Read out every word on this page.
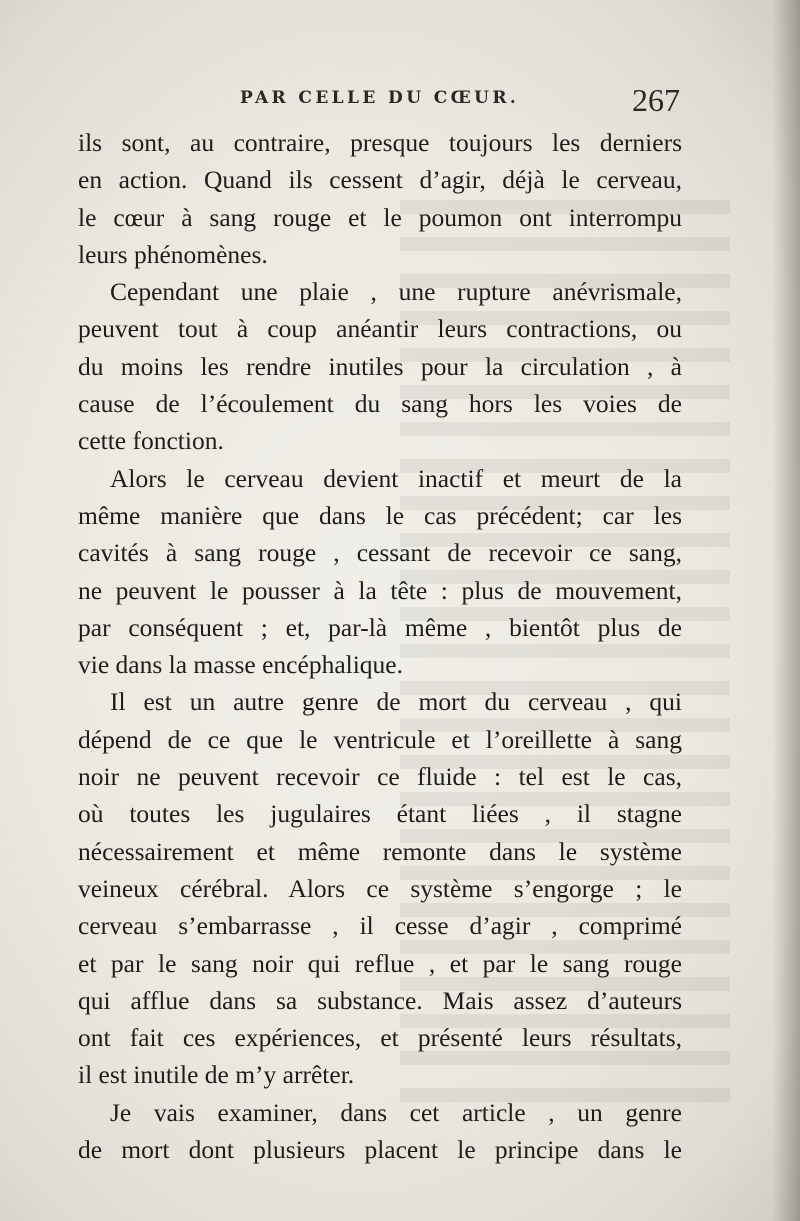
PAR CELLE DU CŒUR.	267

ils sont, au contraire, presque toujours les derniers
en action. Quand ils cessent d’agir, déjà le cerveau,
le cœur à sang rouge et le poumon ont interrompu
leurs phénomènes.

Cependant une plaie , une rupture anévrismale,
peuvent tout à coup anéantir leurs contractions, ou
du moins les rendre inutiles pour la circulation , à
cause de l’écoulement du sang hors les voies de
cette fonction.

Alors le cerveau devient inactif et meurt de la
même manière que dans le cas précédent; car les
cavités à sang rouge , cessant de recevoir ce sang,
ne peuvent le pousser à la tête : plus de mouvement,
par conséquent ; et, par-là même , bientôt plus de
vie dans la masse encéphalique.

Il est un autre genre de mort du cerveau , qui
dépend de ce que le ventricule et l’oreillette à sang
noir ne peuvent recevoir ce fluide : tel est le cas,
où toutes les jugulaires étant liées , il stagne
nécessairement et même remonte dans le système
veineux cérébral. Alors ce système s’engorge ; le
cerveau s’embarrasse , il cesse d’agir , comprimé
et par le sang noir qui reflue , et par le sang rouge
qui afflue dans sa substance. Mais assez d’auteurs
ont fait ces expériences, et présenté leurs résultats,
il est inutile de m’y arrêter.

Je vais examiner, dans cet article , un genre
de mort dont plusieurs placent le principe dans le
